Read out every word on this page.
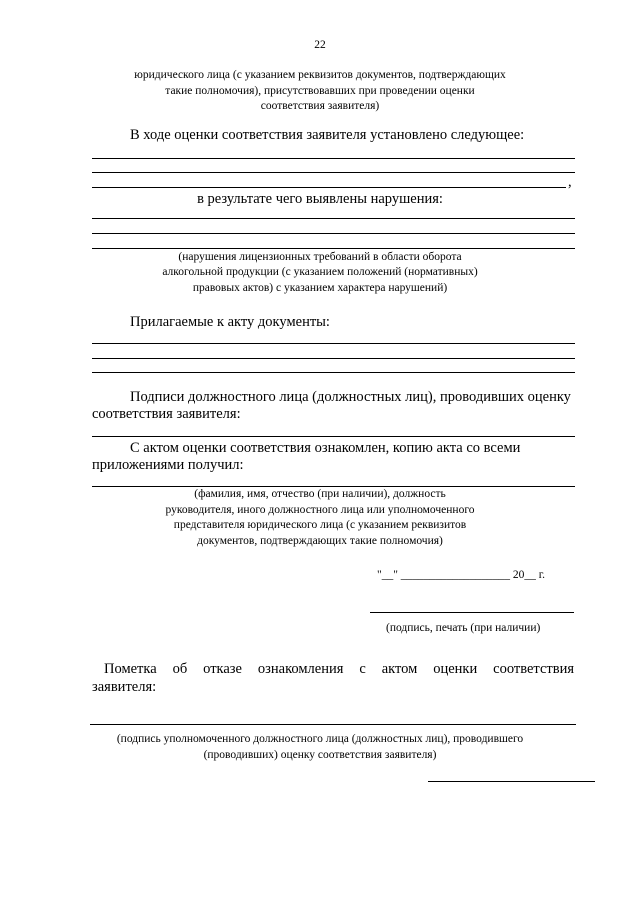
22
юридического лица (с указанием реквизитов документов, подтверждающих
такие полномочия), присутствовавших при проведении оценки
соответствия заявителя)
В ходе оценки соответствия заявителя установлено следующее:
,
в результате чего выявлены нарушения:
(нарушения лицензионных требований в области оборота
алкогольной продукции (с указанием положений (нормативных)
правовых актов) с указанием характера нарушений)
Прилагаемые к акту документы:
Подписи должностного лица (должностных лиц), проводивших оценку
соответствия заявителя:
С актом оценки соответствия ознакомлен, копию акта со всеми
приложениями получил:
(фамилия, имя, отчество (при наличии), должность
руководителя, иного должностного лица или уполномоченного
представителя юридического лица (с указанием реквизитов
документов, подтверждающих такие полномочия)
"__" ___________________ 20__ г.
(подпись, печать (при наличии)
Пометка об отказе ознакомления с актом оценки соответствия
заявителя:
(подпись уполномоченного должностного лица (должностных лиц), проводившего
(проводивших) оценку соответствия заявителя)
